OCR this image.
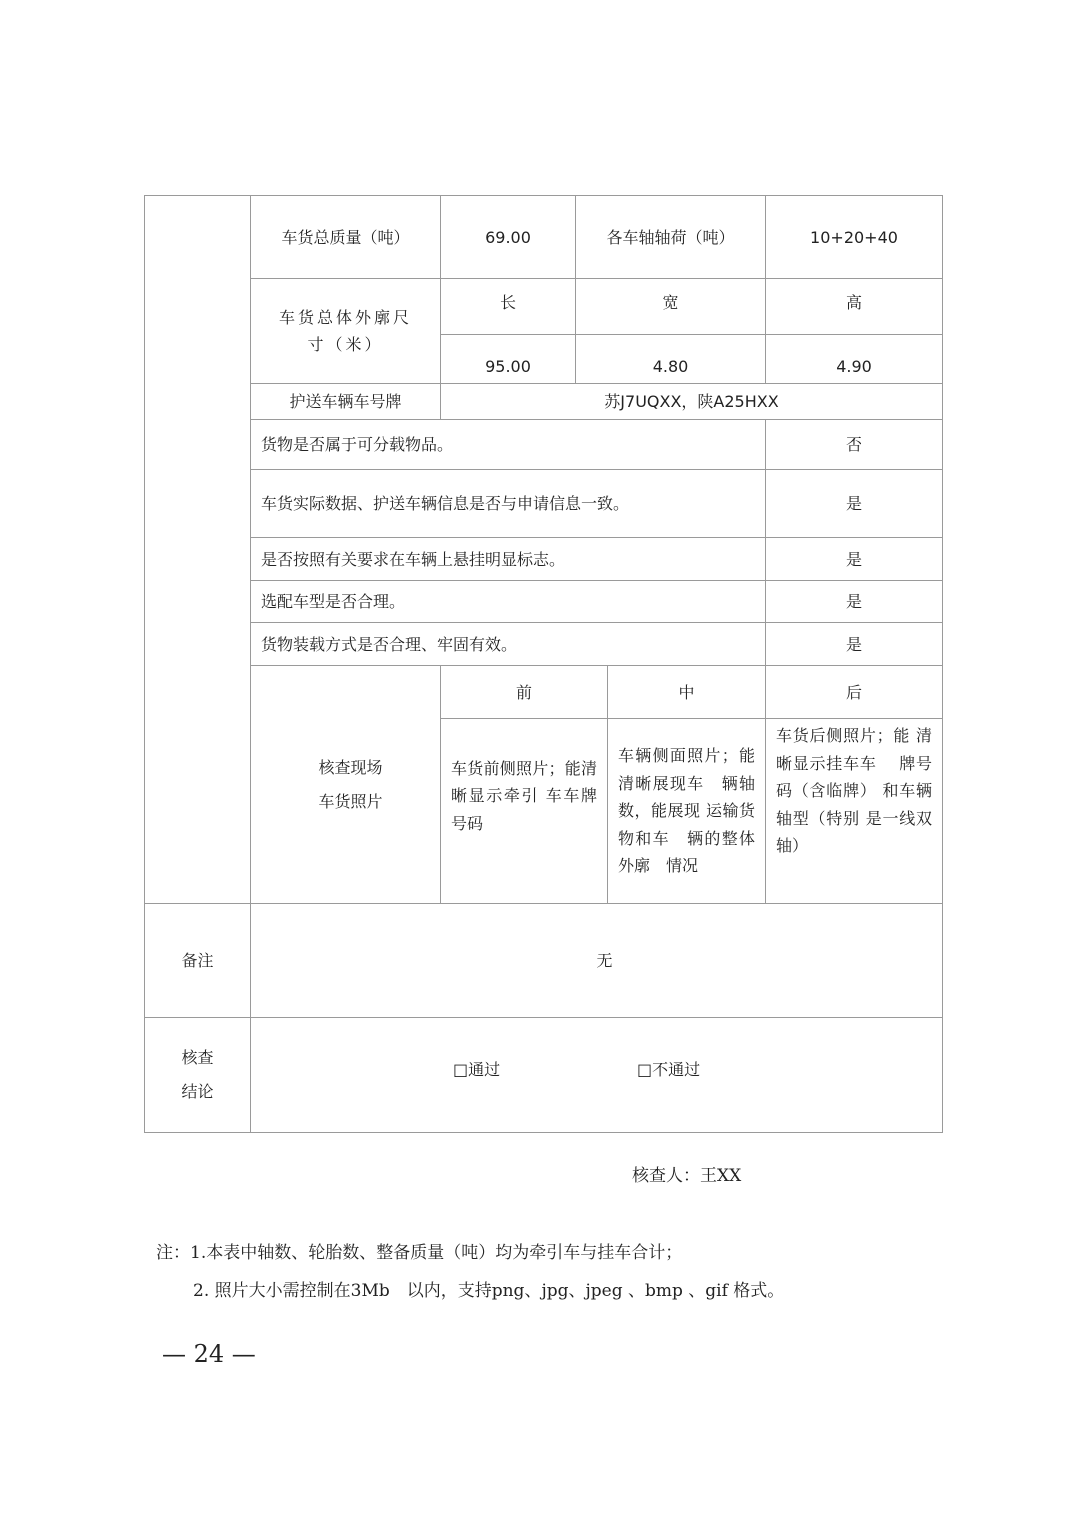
车货总质量（吨）	69.00	各车轴轴荷（吨）	10+20+40
车货总体外廓尺寸（米）
长	宽	高
95.00	4.80	4.90
护送车辆车号牌	苏J7UQXX，陕A25HXX
货物是否属于可分载物品。	否
车货实际数据、护送车辆信息是否与申请信息一致。	是
是否按照有关要求在车辆上悬挂明显标志。	是
选配车型是否合理。	是
货物装载方式是否合理、牢固有效。	是
核查现场
车货照片
前	中	后
车货前侧照片；能清晰显示牵引 车车牌号码
车辆侧面照片；能清晰展现车　辆轴数，能展现 运输货物和车　辆的整体外廓　情况
车货后侧照片；能 清晰显示挂车车　 牌号码（含临牌） 和车辆轴型（特别 是一线双轴）
备注	无
核查
结论
□通过	□不通过
核查人：王XX
注：1.本表中轴数、轮胎数、整备质量（吨）均为牵引车与挂车合计；
2. 照片大小需控制在3Mb　以内，支持png、jpg、jpeg 、bmp 、gif 格式。
— 24 —
